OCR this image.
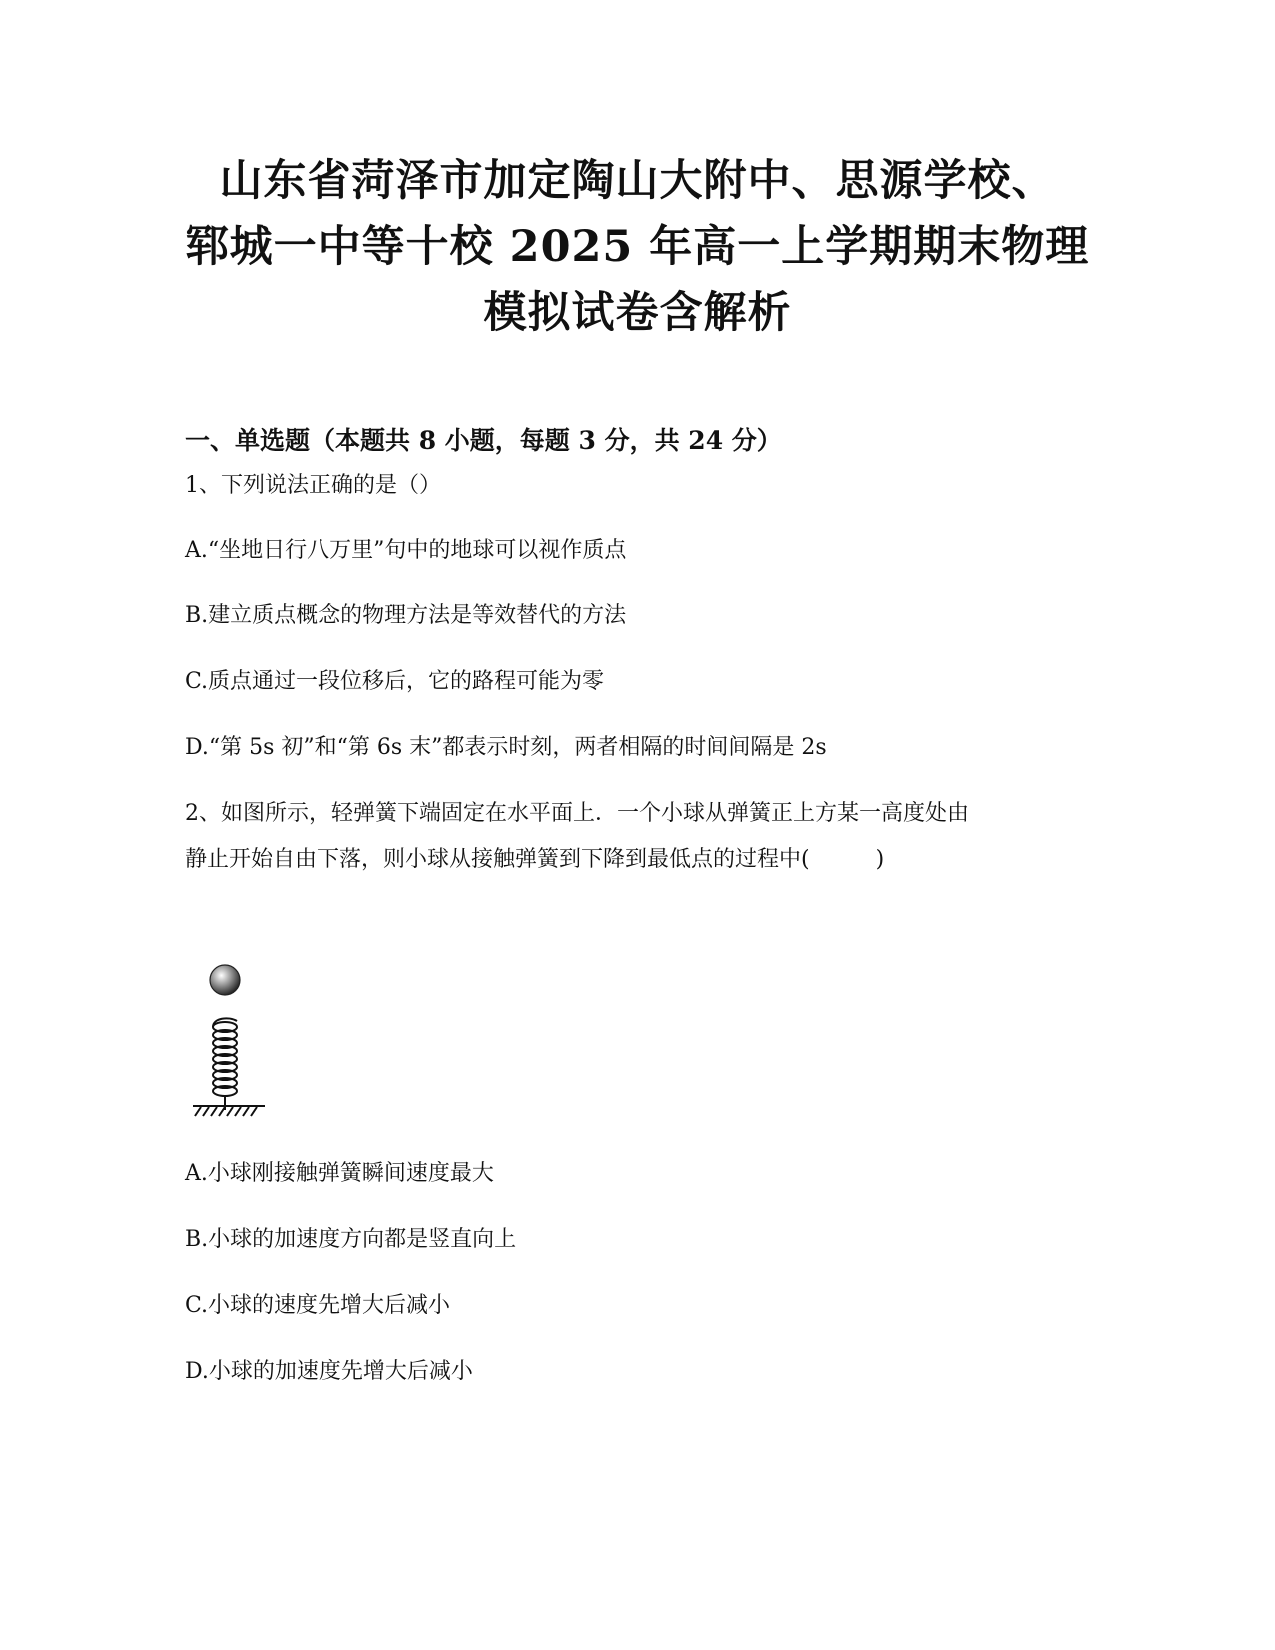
山东省菏泽市加定陶山大附中、思源学校、
郓城一中等十校 2025 年高一上学期期末物理
模拟试卷含解析
一、单选题（本题共 8 小题，每题 3 分，共 24 分）
1、下列说法正确的是（）
A.“坐地日行八万里”句中的地球可以视作质点
B.建立质点概念的物理方法是等效替代的方法
C.质点通过一段位移后，它的路程可能为零
D.“第 5s 初”和“第 6s 末”都表示时刻，两者相隔的时间间隔是 2s
2、如图所示，轻弹簧下端固定在水平面上．一个小球从弹簧正上方某一高度处由
静止开始自由下落，则小球从接触弹簧到下降到最低点的过程中(　　　)
A.小球刚接触弹簧瞬间速度最大
B.小球的加速度方向都是竖直向上
C.小球的速度先增大后减小
D.小球的加速度先增大后减小
